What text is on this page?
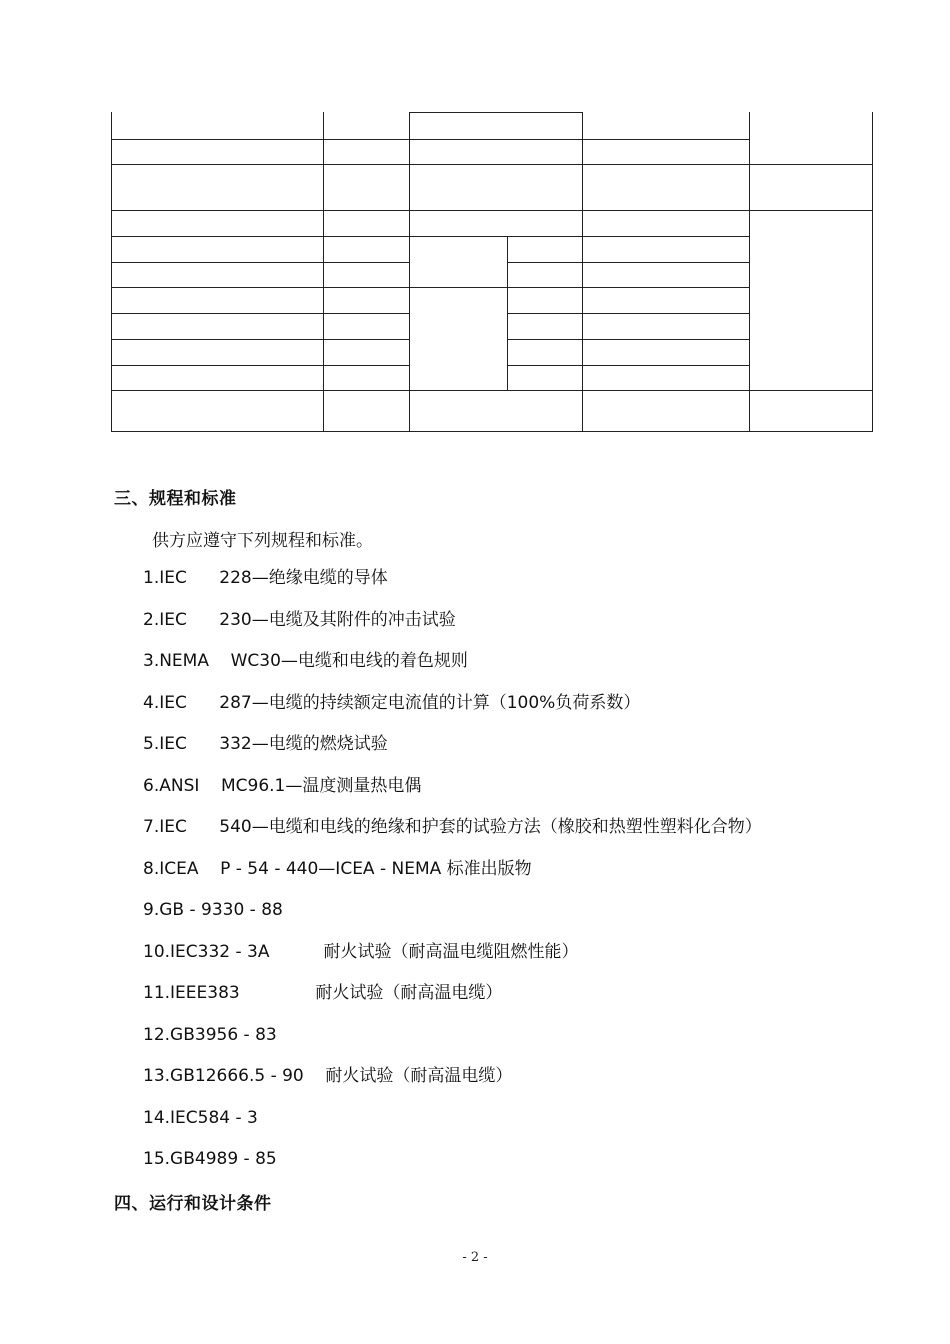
三、规程和标准
供方应遵守下列规程和标准。
1.IEC      228—绝缘电缆的导体
2.IEC      230—电缆及其附件的冲击试验
3.NEMA    WC30—电缆和电线的着色规则
4.IEC      287—电缆的持续额定电流值的计算（100%负荷系数）
5.IEC      332—电缆的燃烧试验
6.ANSI    MC96.1—温度测量热电偶
7.IEC      540—电缆和电线的绝缘和护套的试验方法（橡胶和热塑性塑料化合物）
8.ICEA    P - 54 - 440—ICEA - NEMA 标准出版物
9.GB - 9330 - 88
10.IEC332 - 3A          耐火试验（耐高温电缆阻燃性能）
11.IEEE383              耐火试验（耐高温电缆）
12.GB3956 - 83
13.GB12666.5 - 90    耐火试验（耐高温电缆）
14.IEC584 - 3
15.GB4989 - 85
四、运行和设计条件
- 2 -
